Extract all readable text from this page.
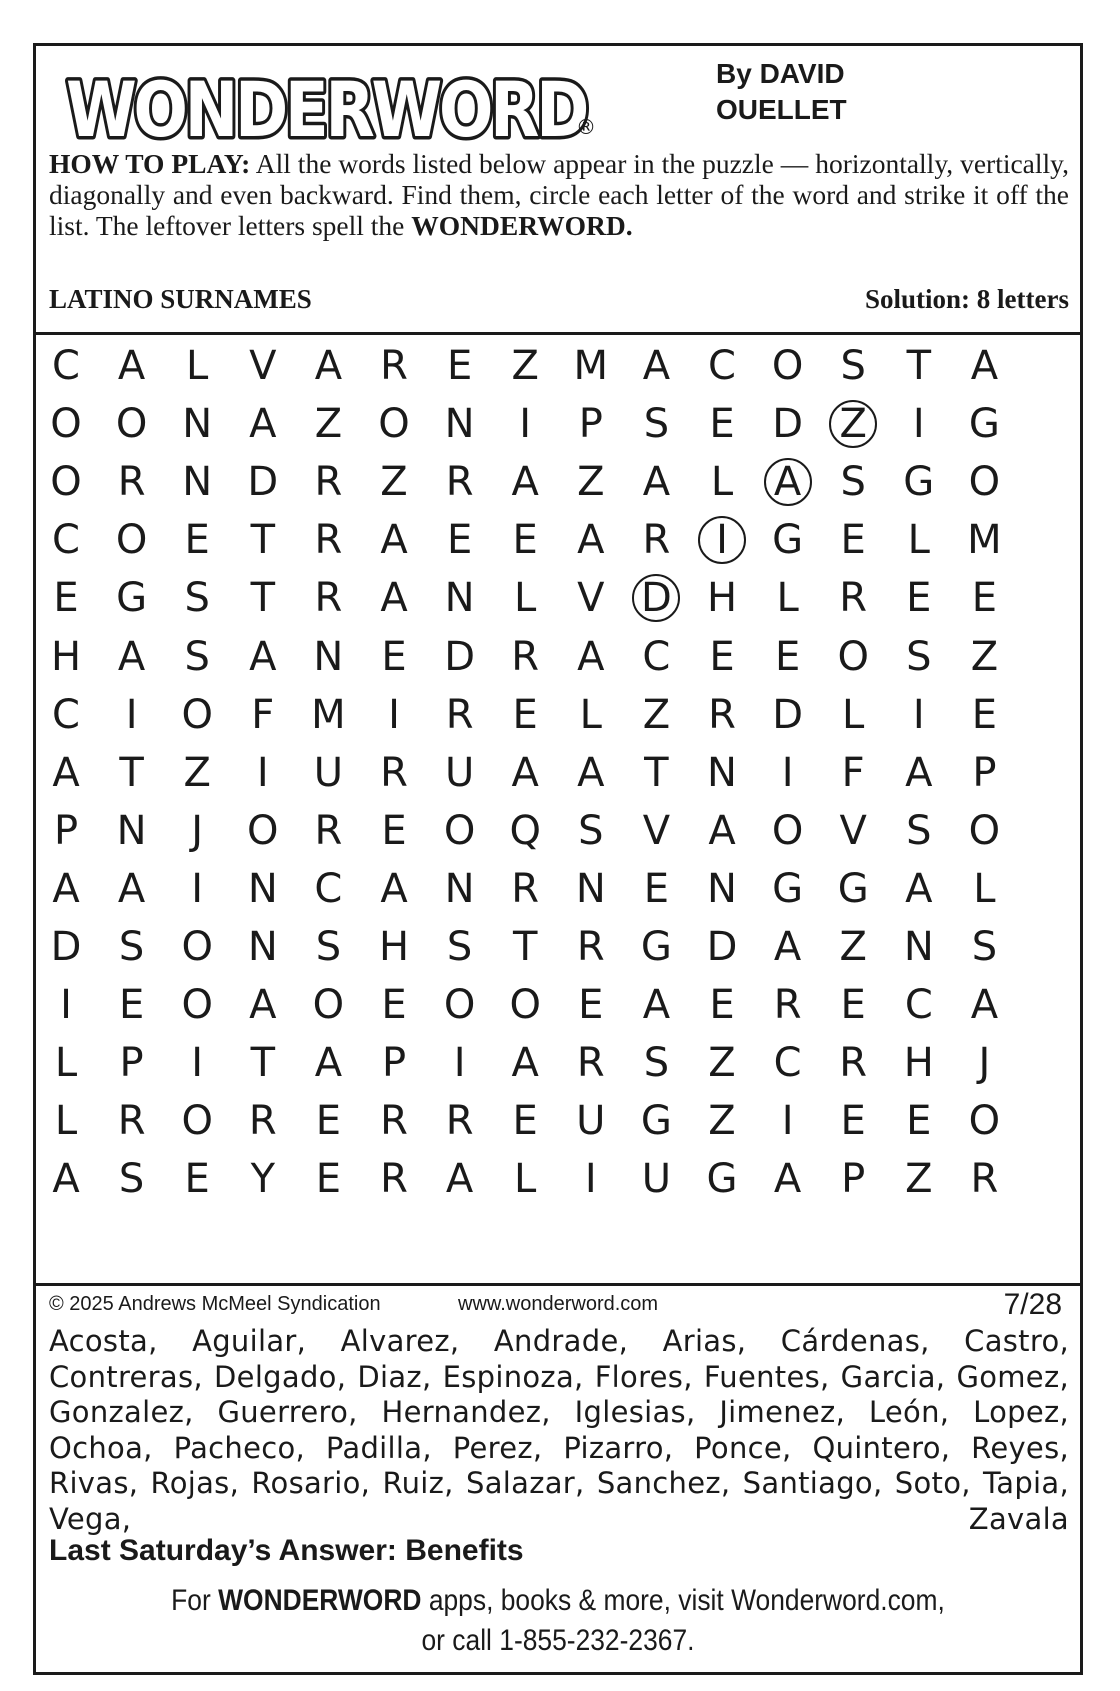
WONDERWORD
WONDERWORD
®
By DAVID
OUELLET
HOW TO PLAY: All the words listed below appear in the puzzle — horizontally, vertically, diagonally and even backward. Find them, circle each letter of the word and strike it off the list. The leftover letters spell the WONDERWORD.
LATINO SURNAMES	Solution: 8 letters
C A	L	V A R E Z M A C O S	T A
O O N A Z O N	I	P	S	E D Z	I	G
O R N D R Z R A Z A	L	A S G O
C O E	T R A E	E A R	I	G E	L M
E G S	T R A N L	V D H L	R E	E
H A S A N E D R A C E	E O S Z
C	I	O F M	I	R E	L	Z R D L	I	E
A T Z	I	U R U A A T N	I	F	A P
P N	J	O R E O Q S V A O V S O
A A	I	N C A N R N E N G G A	L
D S O N S H S	T R G D A Z N S
I	E O A O E O O E A E R E C A
L	P	I	T A P	I	A R S Z C R H	J
L	R O R E R R E U G Z	I	E	E O
A S	E	Y	E R A	L	I	U G A P Z R
© 2025 Andrews McMeel Syndication	www.wonderword.com	7/28
Acosta, Aguilar, Alvarez, Andrade, Arias, Cárdenas, Castro, Contreras, Delgado, Diaz, Espinoza, Flores, Fuentes, Garcia, Gomez, Gonzalez, Guerrero, Hernandez, Iglesias, Jimenez, León, Lopez, Ochoa, Pacheco, Padilla, Perez, Pizarro, Ponce, Quintero, Reyes, Rivas, Rojas, Rosario, Ruiz, Salazar, Sanchez, Santiago, Soto, Tapia, Vega, Zavala
Last Saturday’s Answer: Benefits
For WONDERWORD apps, books & more, visit Wonderword.com,
or call 1-855-232-2367.
